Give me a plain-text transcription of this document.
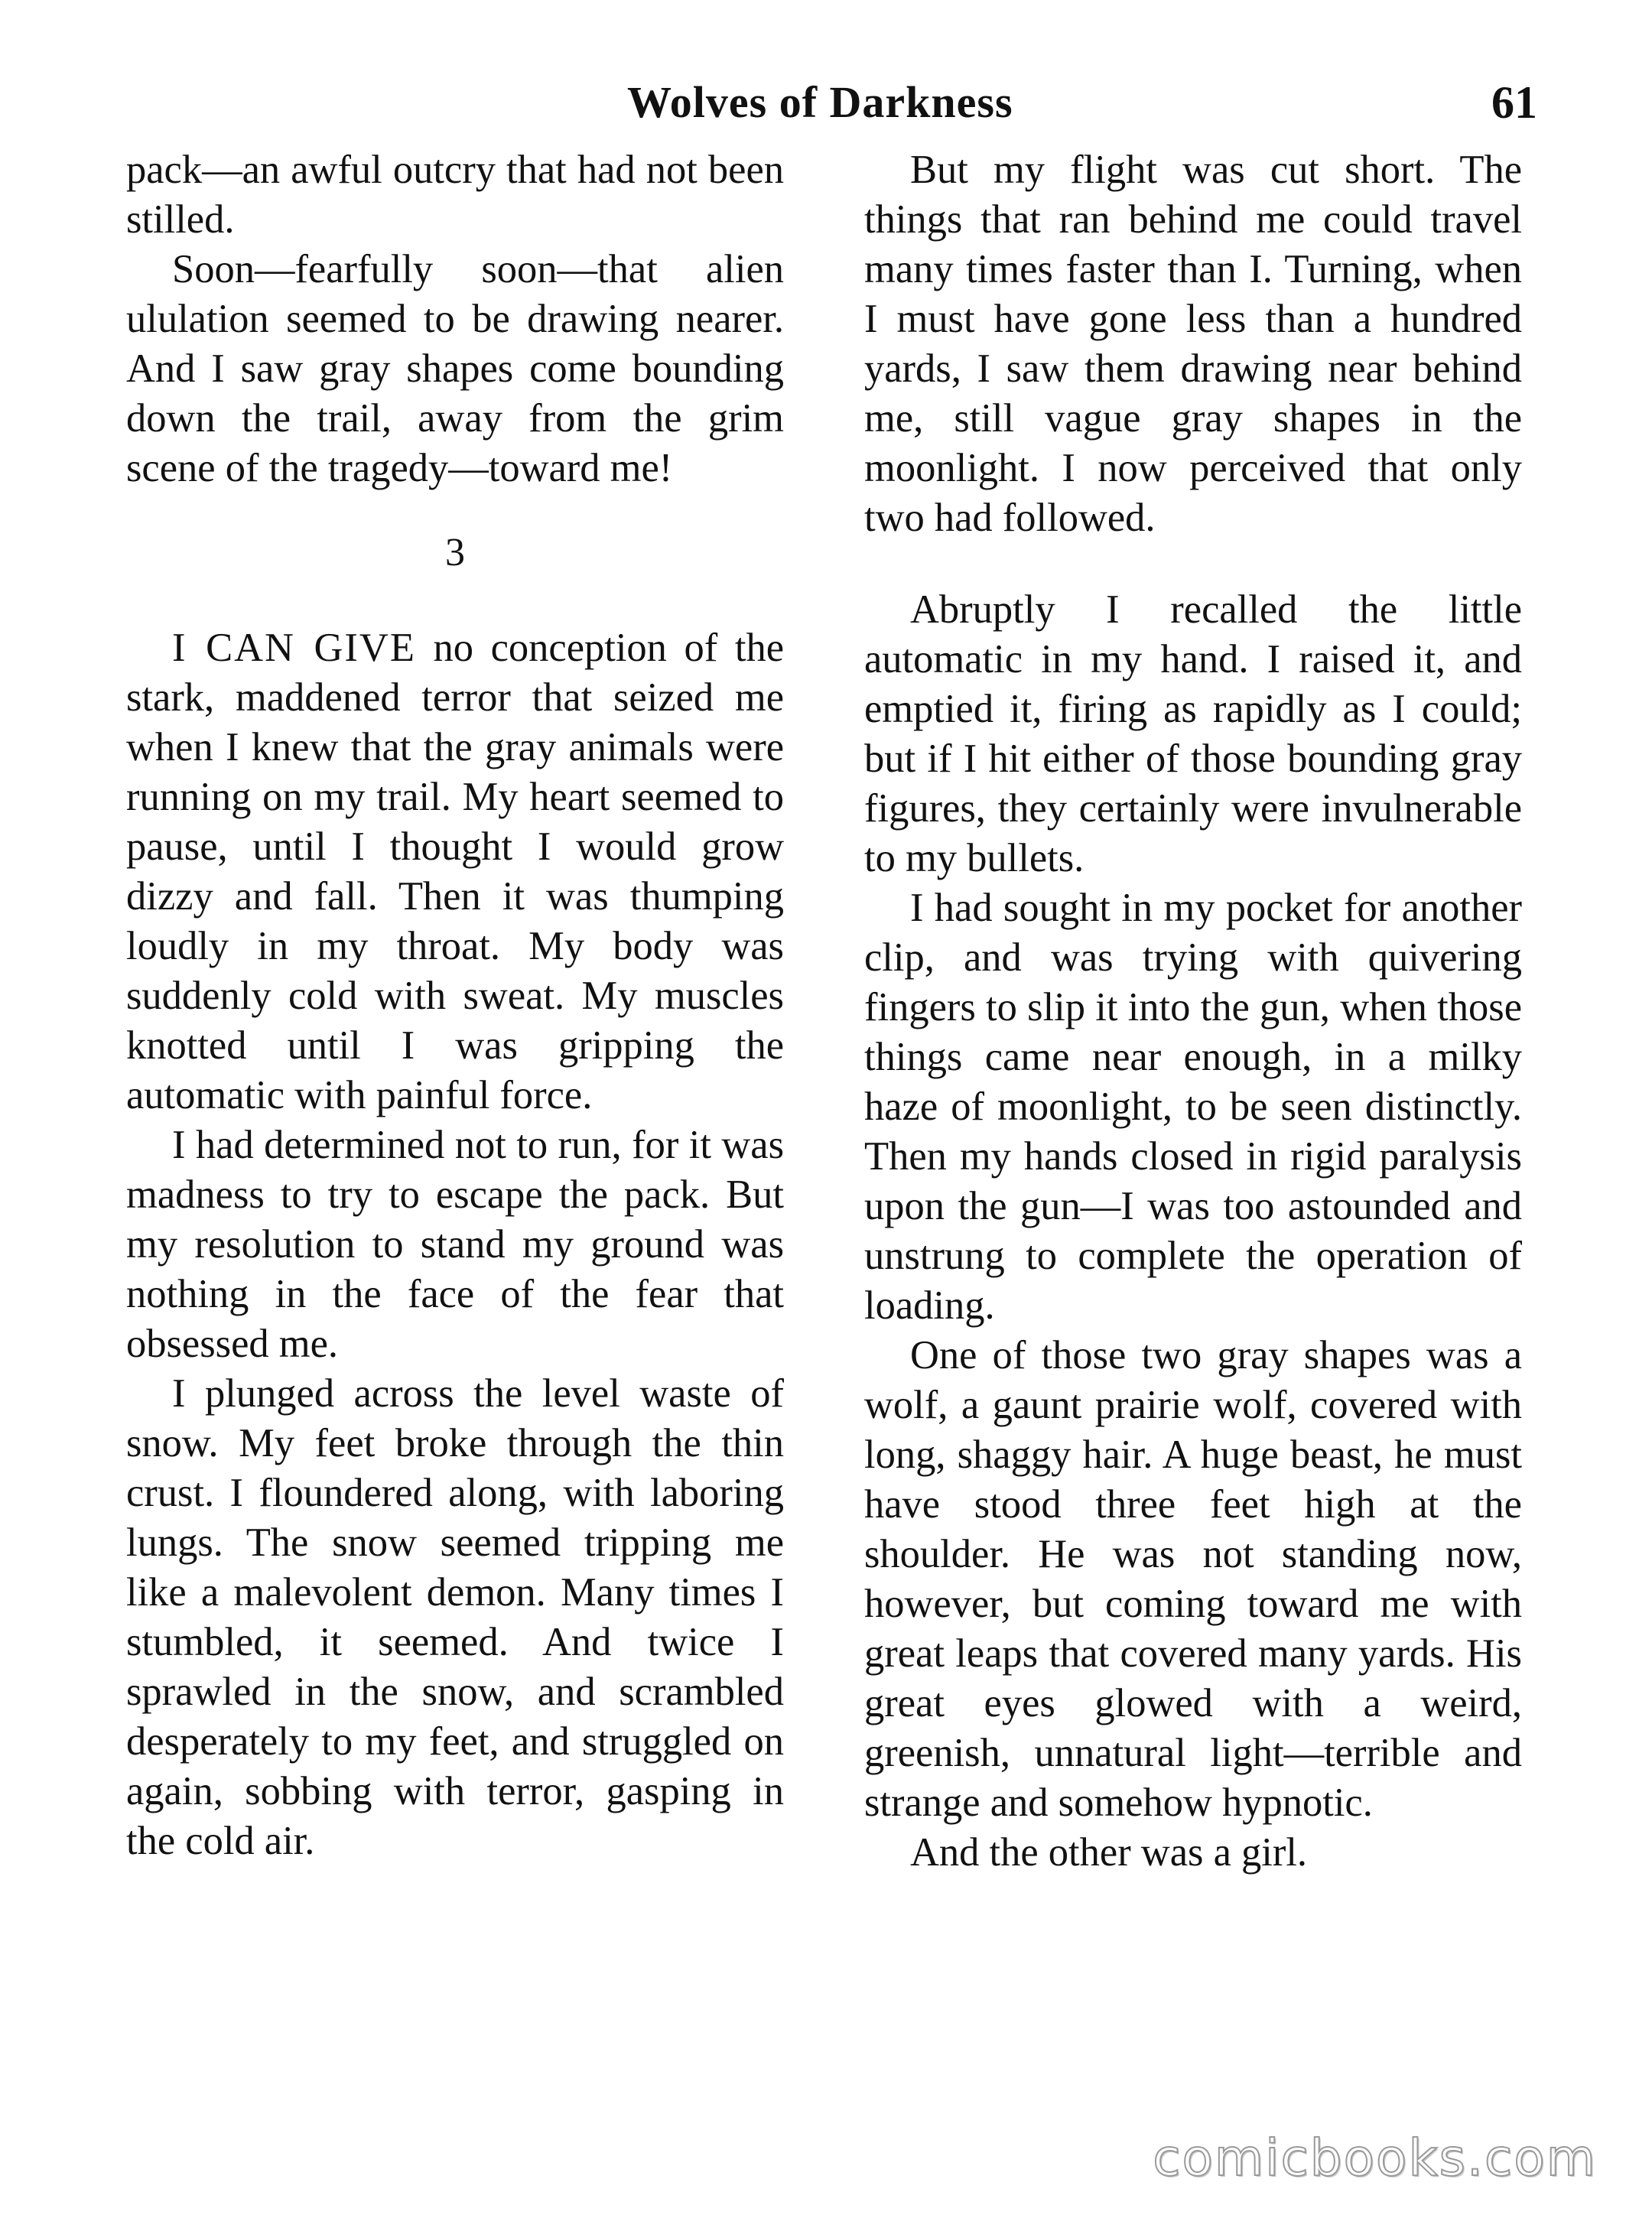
Wolves of Darkness	61

pack—an awful outcry that had not been stilled.

Soon—fearfully soon—that alien ululation seemed to be drawing nearer. And I saw gray shapes come bounding down the trail, away from the grim scene of the tragedy—toward me!

3

I CAN GIVE no conception of the stark, maddened terror that seized me when I knew that the gray animals were running on my trail. My heart seemed to pause, until I thought I would grow dizzy and fall. Then it was thumping loudly in my throat. My body was suddenly cold with sweat. My muscles knotted until I was gripping the automatic with painful force.

I had determined not to run, for it was madness to try to escape the pack. But my resolution to stand my ground was nothing in the face of the fear that obsessed me.

I plunged across the level waste of snow. My feet broke through the thin crust. I floundered along, with laboring lungs. The snow seemed tripping me like a malevolent demon. Many times I stumbled, it seemed. And twice I sprawled in the snow, and scrambled desperately to my feet, and struggled on again, sobbing with terror, gasping in the cold air.

But my flight was cut short. The things that ran behind me could travel many times faster than I. Turning, when I must have gone less than a hundred yards, I saw them drawing near behind me, still vague gray shapes in the moonlight. I now perceived that only two had followed.

Abruptly I recalled the little automatic in my hand. I raised it, and emptied it, firing as rapidly as I could; but if I hit either of those bounding gray figures, they certainly were invulnerable to my bullets.

I had sought in my pocket for another clip, and was trying with quivering fingers to slip it into the gun, when those things came near enough, in a milky haze of moonlight, to be seen distinctly. Then my hands closed in rigid paralysis upon the gun—I was too astounded and unstrung to complete the operation of loading.

One of those two gray shapes was a wolf, a gaunt prairie wolf, covered with long, shaggy hair. A huge beast, he must have stood three feet high at the shoulder. He was not standing now, however, but coming toward me with great leaps that covered many yards. His great eyes glowed with a weird, greenish, unnatural light—terrible and strange and somehow hypnotic.

And the other was a girl.

comicbooks.com
